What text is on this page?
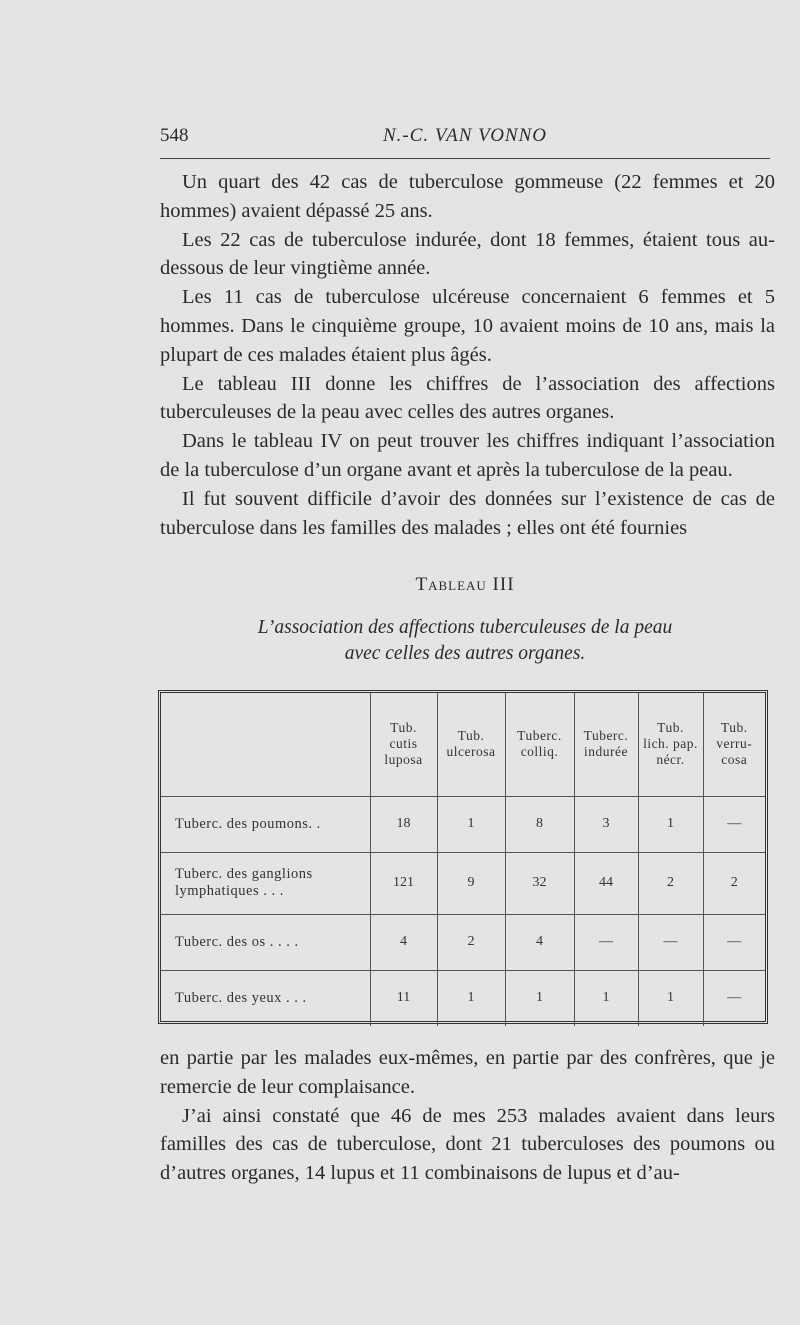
548	N.-C. VAN VONNO

Un quart des 42 cas de tuberculose gommeuse (22 femmes et 20 hommes) avaient dépassé 25 ans.

Les 22 cas de tuberculose indurée, dont 18 femmes, étaient tous au-dessous de leur vingtième année.

Les 11 cas de tuberculose ulcéreuse concernaient 6 femmes et 5 hommes. Dans le cinquième groupe, 10 avaient moins de 10 ans, mais la plupart de ces malades étaient plus âgés.

Le tableau III donne les chiffres de l’association des affections tuberculeuses de la peau avec celles des autres organes.

Dans le tableau IV on peut trouver les chiffres indiquant l’association de la tuberculose d’un organe avant et après la tuberculose de la peau.

Il fut souvent difficile d’avoir des données sur l’existence de cas de tuberculose dans les familles des malades ; elles ont été fournies

Tableau III
L’association des affections tuberculeuses de la peau
avec celles des autres organes.
	Tub. cutis luposa	Tub. ulcerosa	Tuberc. colliq.	Tuberc. indurée	Tub. lich. pap. nécr.	Tub. verru-cosa
Tuberc. des poumons. .	18	1	8	3	1	—
Tuberc. des ganglions lymphatiques . . .	121	9	32	44	2	2
Tuberc. des os . . . .	4	2	4	—	—	—
Tuberc. des yeux . . .	11	1	1	1	1	—

en partie par les malades eux-mêmes, en partie par des confrères, que je remercie de leur complaisance.

J’ai ainsi constaté que 46 de mes 253 malades avaient dans leurs familles des cas de tuberculose, dont 21 tuberculoses des poumons ou d’autres organes, 14 lupus et 11 combinaisons de lupus et d’au-
